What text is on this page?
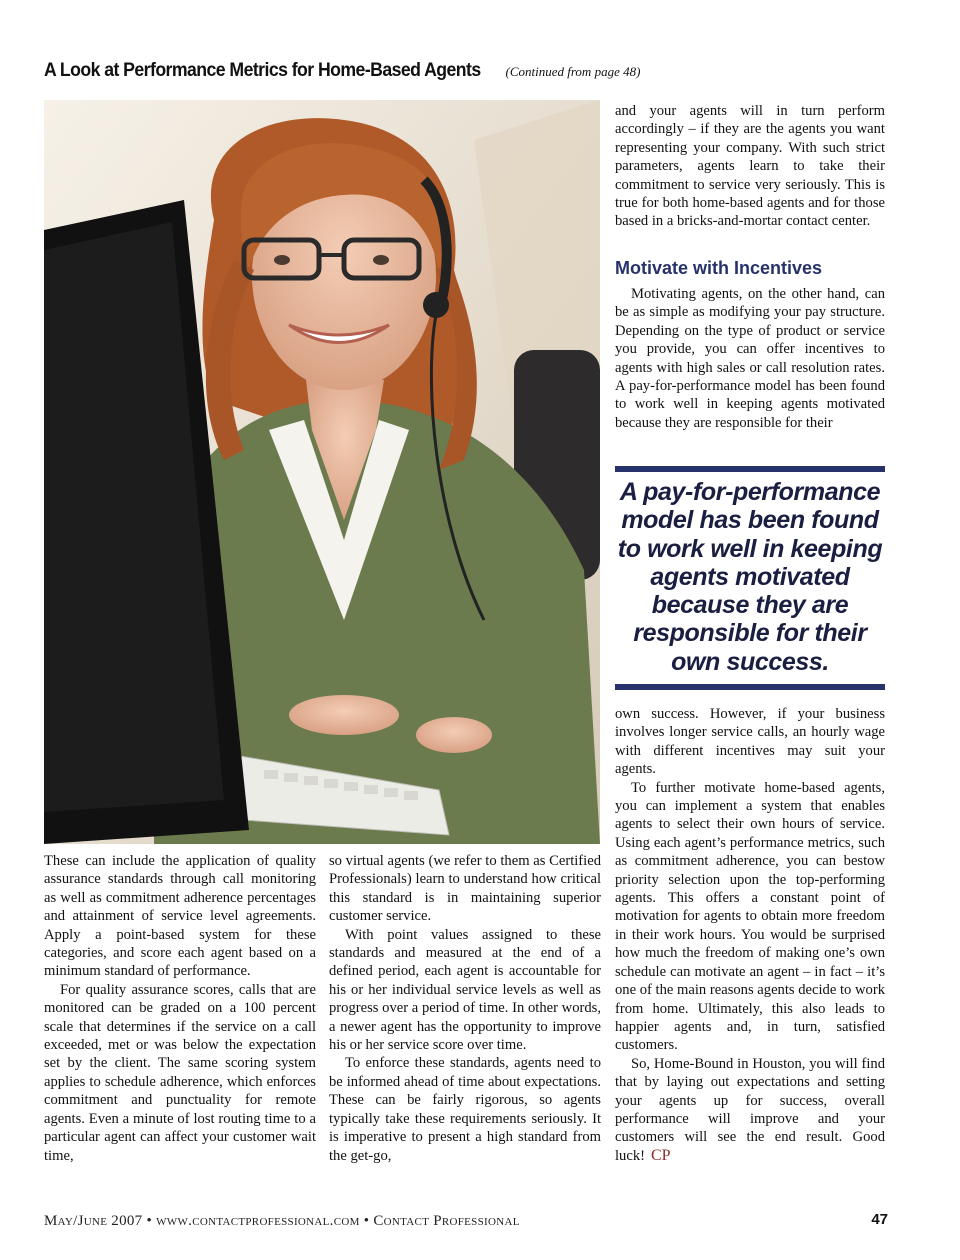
A Look at Performance Metrics for Home-Based Agents (Continued from page 48)

These can include the application of quality assurance standards through call monitoring as well as commitment adherence percentages and attainment of service level agreements. Apply a point-based system for these categories, and score each agent based on a minimum standard of performance.

For quality assurance scores, calls that are monitored can be graded on a 100 percent scale that determines if the service on a call exceeded, met or was below the expectation set by the client. The same scoring system applies to schedule adherence, which enforces commitment and punctuality for remote agents. Even a minute of lost routing time to a particular agent can affect your customer wait time,

so virtual agents (we refer to them as Certified Professionals) learn to understand how critical this standard is in maintaining superior customer service.

With point values assigned to these standards and measured at the end of a defined period, each agent is accountable for his or her individual service levels as well as progress over a period of time. In other words, a newer agent has the opportunity to improve his or her service score over time.

To enforce these standards, agents need to be informed ahead of time about expectations. These can be fairly rigorous, so agents typically take these requirements seriously. It is imperative to present a high standard from the get-go,

and your agents will in turn perform accordingly – if they are the agents you want representing your company. With such strict parameters, agents learn to take their commitment to service very seriously. This is true for both home-based agents and for those based in a bricks-and-mortar contact center.

Motivate with Incentives

Motivating agents, on the other hand, can be as simple as modifying your pay structure. Depending on the type of product or service you provide, you can offer incentives to agents with high sales or call resolution rates. A pay-for-performance model has been found to work well in keeping agents motivated because they are responsible for their

A pay-for-performance model has been found to work well in keeping agents motivated because they are responsible for their own success.

own success. However, if your business involves longer service calls, an hourly wage with different incentives may suit your agents.

To further motivate home-based agents, you can implement a system that enables agents to select their own hours of service. Using each agent’s performance metrics, such as commitment adherence, you can bestow priority selection upon the top-performing agents. This offers a constant point of motivation for agents to obtain more freedom in their work hours. You would be surprised how much the freedom of making one’s own schedule can motivate an agent – in fact – it’s one of the main reasons agents decide to work from home. Ultimately, this also leads to happier agents and, in turn, satisfied customers.

So, Home-Bound in Houston, you will find that by laying out expectations and setting your agents up for success, overall performance will improve and your customers will see the end result. Good luck! CP

May/June 2007 • www.contactprofessional.com • Contact Professional	47
